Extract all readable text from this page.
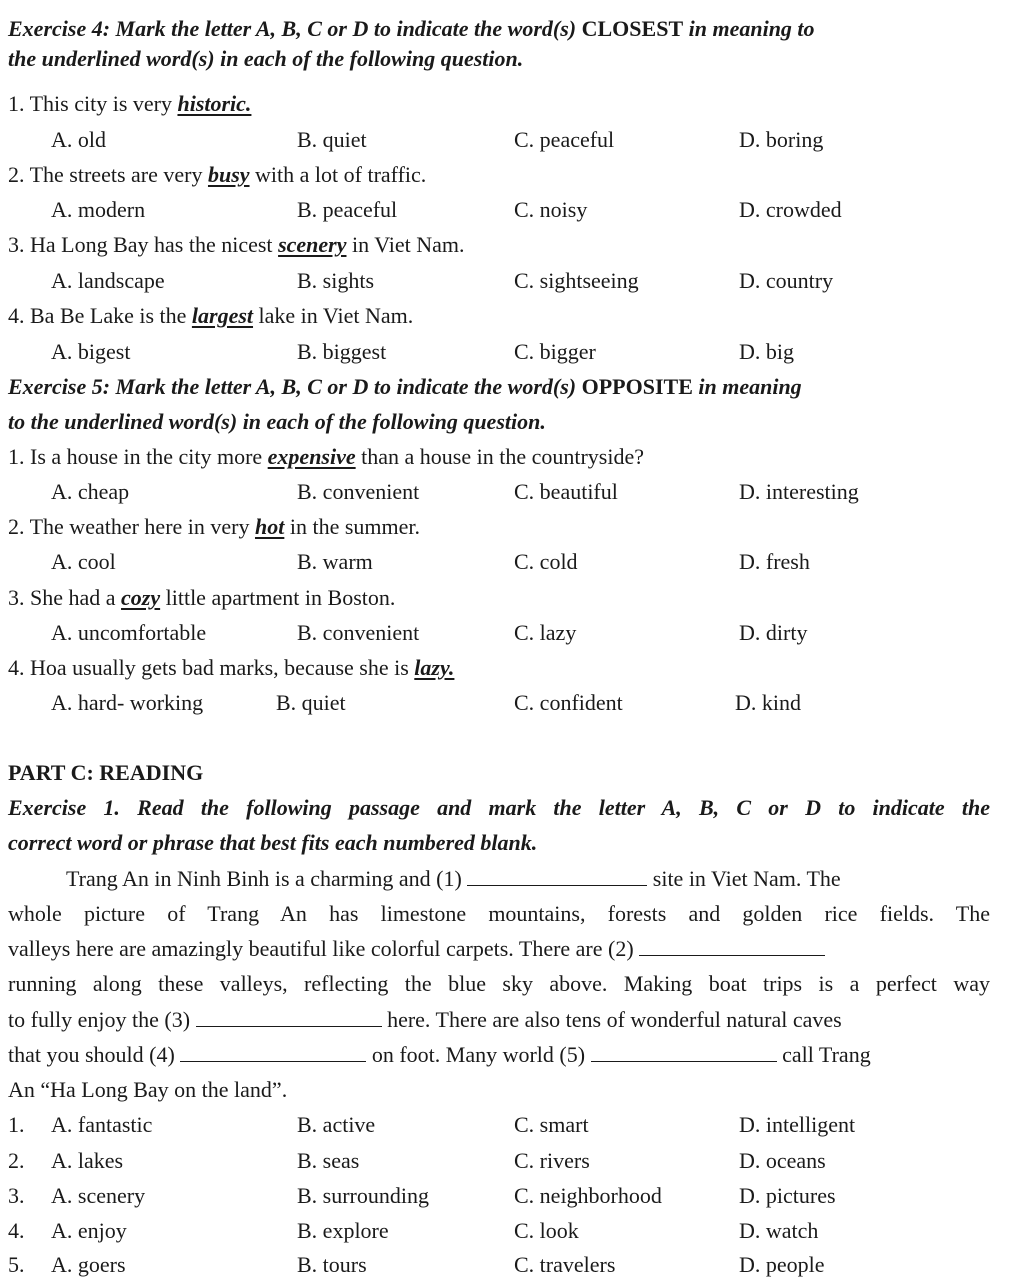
Exercise 4: Mark the letter A, B, C or D to indicate the word(s) CLOSEST in meaning to
the underlined word(s) in each of the following question.
1. This city is very historic.
A. old	B. quiet	C. peaceful	D. boring
2. The streets are very busy with a lot of traffic.
A. modern	B. peaceful	C. noisy	D. crowded
3. Ha Long Bay has the nicest scenery in Viet Nam.
A. landscape	B. sights	C. sightseeing	D. country
4. Ba Be Lake is the largest lake in Viet Nam.
A. bigest	B. biggest	C. bigger	D. big
Exercise 5: Mark the letter A, B, C or D to indicate the word(s) OPPOSITE in meaning
to the underlined word(s) in each of the following question.
1. Is a house in the city more expensive than a house in the countryside?
A. cheap	B. convenient	C. beautiful	D. interesting
2. The weather here in very hot in the summer.
A. cool	B. warm	C. cold	D. fresh
3. She had a cozy little apartment in Boston.
A. uncomfortable	B. convenient	C. lazy	D. dirty
4. Hoa usually gets bad marks, because she is lazy.
A. hard- working	B. quiet	C. confident	D. kind
PART C: READING
Exercise 1. Read the following passage and mark the letter A, B, C or D to indicate the
correct word or phrase that best fits each numbered blank.
Trang An in Ninh Binh is a charming and (1)	site in Viet Nam. The
whole picture of Trang An has limestone mountains, forests and golden rice fields. The
valleys here are amazingly beautiful like colorful carpets. There are (2)
running along these valleys, reflecting the blue sky above. Making boat trips is a perfect way
to fully enjoy the (3)	here. There are also tens of wonderful natural caves
that you should (4)	on foot. Many world (5)	call Trang
An “Ha Long Bay on the land”.
1. A. fantastic	B. active	C. smart	D. intelligent
2. A. lakes	B. seas	C. rivers	D. oceans
3. A. scenery	B. surrounding	C. neighborhood	D. pictures
4. A. enjoy	B. explore	C. look	D. watch
5. A. goers	B. tours	C. travelers	D. people
